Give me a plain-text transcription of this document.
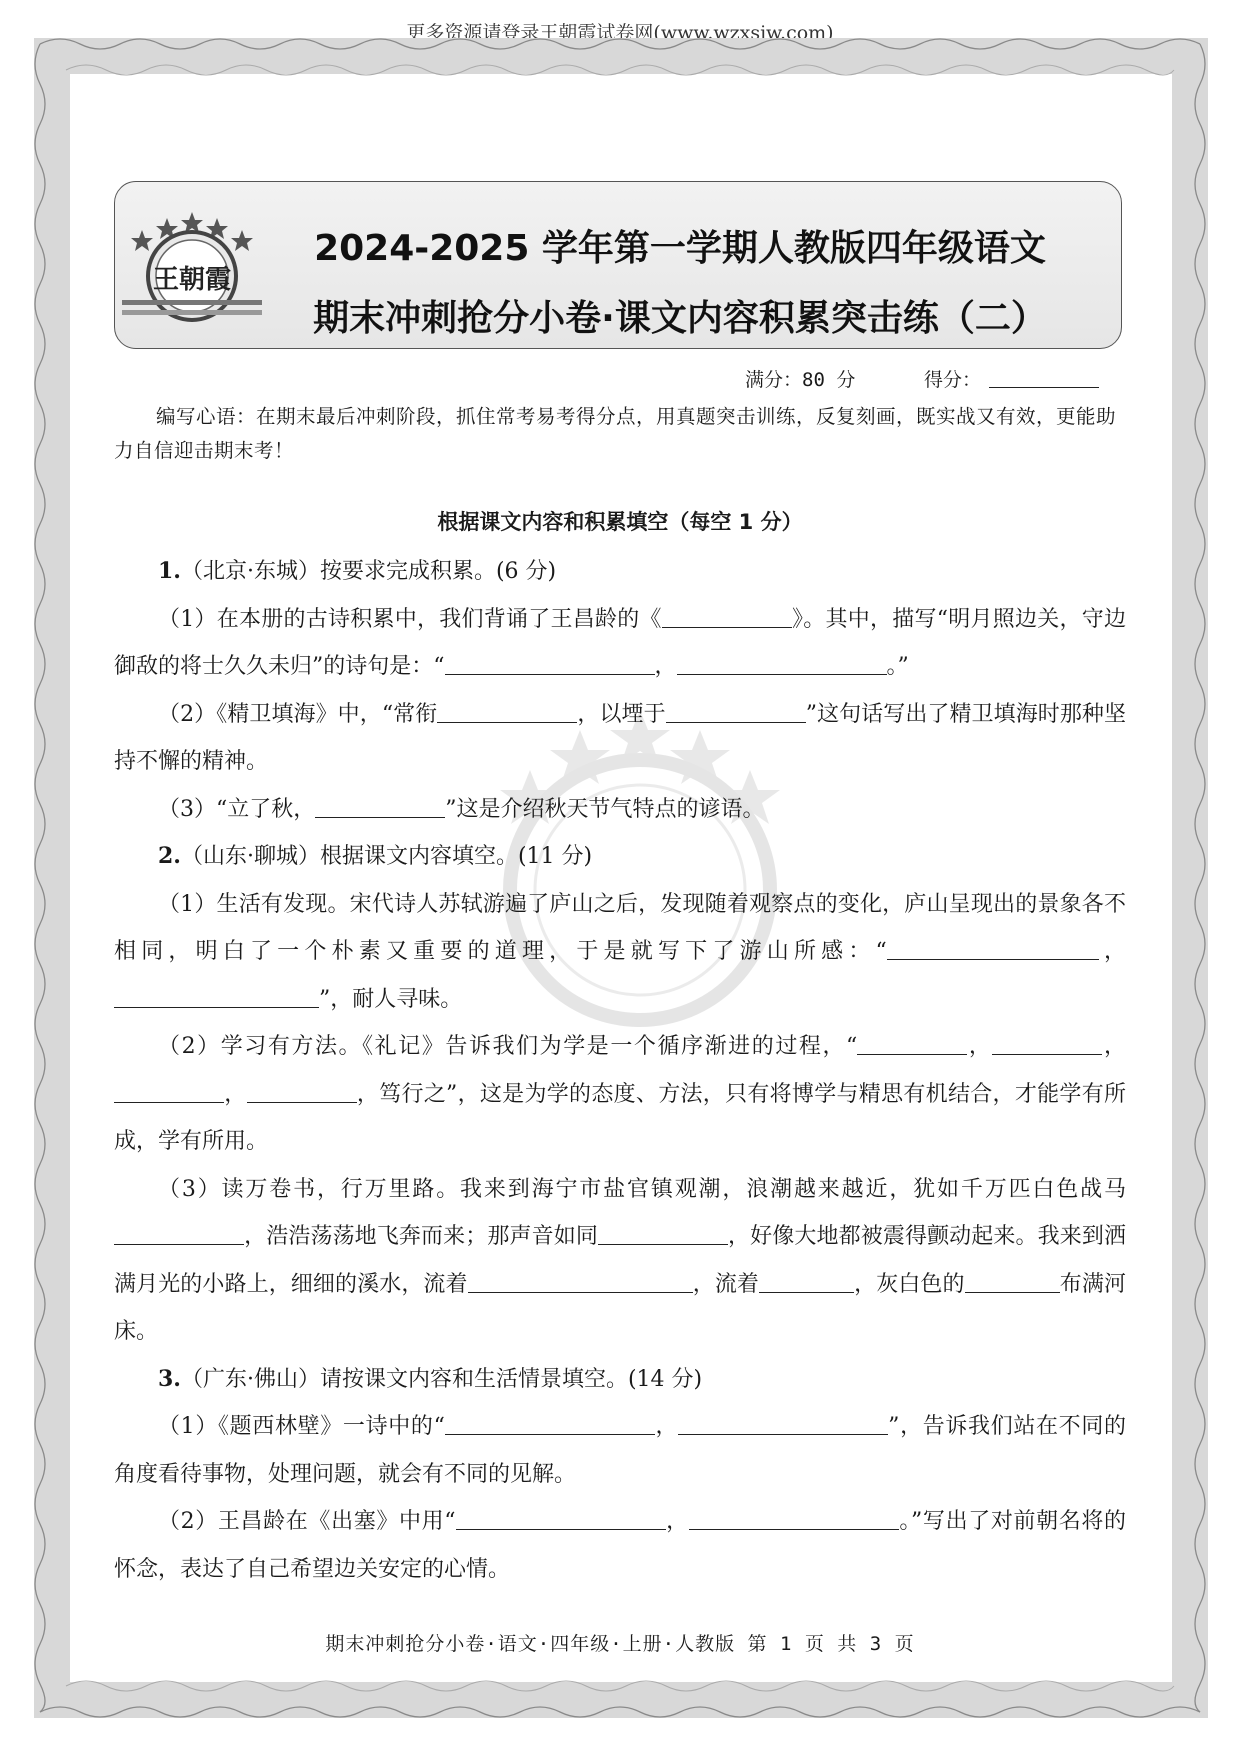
更多资源请登录王朝霞试卷网(www.wzxsjw.com)
王朝霞
2024-2025 学年第一学期人教版四年级语文
期末冲刺抢分小卷·课文内容积累突击练（二）
满分：80 分	得分：
编写心语：在期末最后冲刺阶段，抓住常考易考得分点，用真题突击训练，反复刻画，既实战又有效，更能助力自信迎击期末考！
根据课文内容和积累填空（每空 1 分）

1.（北京·东城）按要求完成积累。(6 分)

（1）在本册的古诗积累中，我们背诵了王昌龄的《	》。其中，描写“明月照边关，守边御敌的将士久久未归”的诗句是：“	，	。”

（2）《精卫填海》中，“常衔	，以堙于	”这句话写出了精卫填海时那种坚持不懈的精神。

（3）“立了秋，	”这是介绍秋天节气特点的谚语。

2.（山东·聊城）根据课文内容填空。(11 分)

（1）生活有发现。宋代诗人苏轼游遍了庐山之后，发现随着观察点的变化，庐山呈现出的景象各不相同，明白了一个朴素又重要的道理，于是就写下了游山所感：“	，”，耐人寻味。

（2）学习有方法。《礼记》告诉我们为学是一个循序渐进的过程，“	，	，，	，笃行之”，这是为学的态度、方法，只有将博学与精思有机结合，才能学有所成，学有所用。

（3）读万卷书，行万里路。我来到海宁市盐官镇观潮，浪潮越来越近，犹如千万匹白色战马，浩浩荡荡地飞奔而来；那声音如同	，好像大地都被震得颤动起来。我来到洒满月光的小路上，细细的溪水，流着	，流着	，灰白色的	布满河床。

3.（广东·佛山）请按课文内容和生活情景填空。(14 分)

（1）《题西林壁》一诗中的“	，	”，告诉我们站在不同的角度看待事物，处理问题，就会有不同的见解。

（2）王昌龄在《出塞》中用“	，	。”写出了对前朝名将的怀念，表达了自己希望边关安定的心情。

期末冲刺抢分小卷·语文·四年级·上册·人教版 第 1 页 共 3 页
